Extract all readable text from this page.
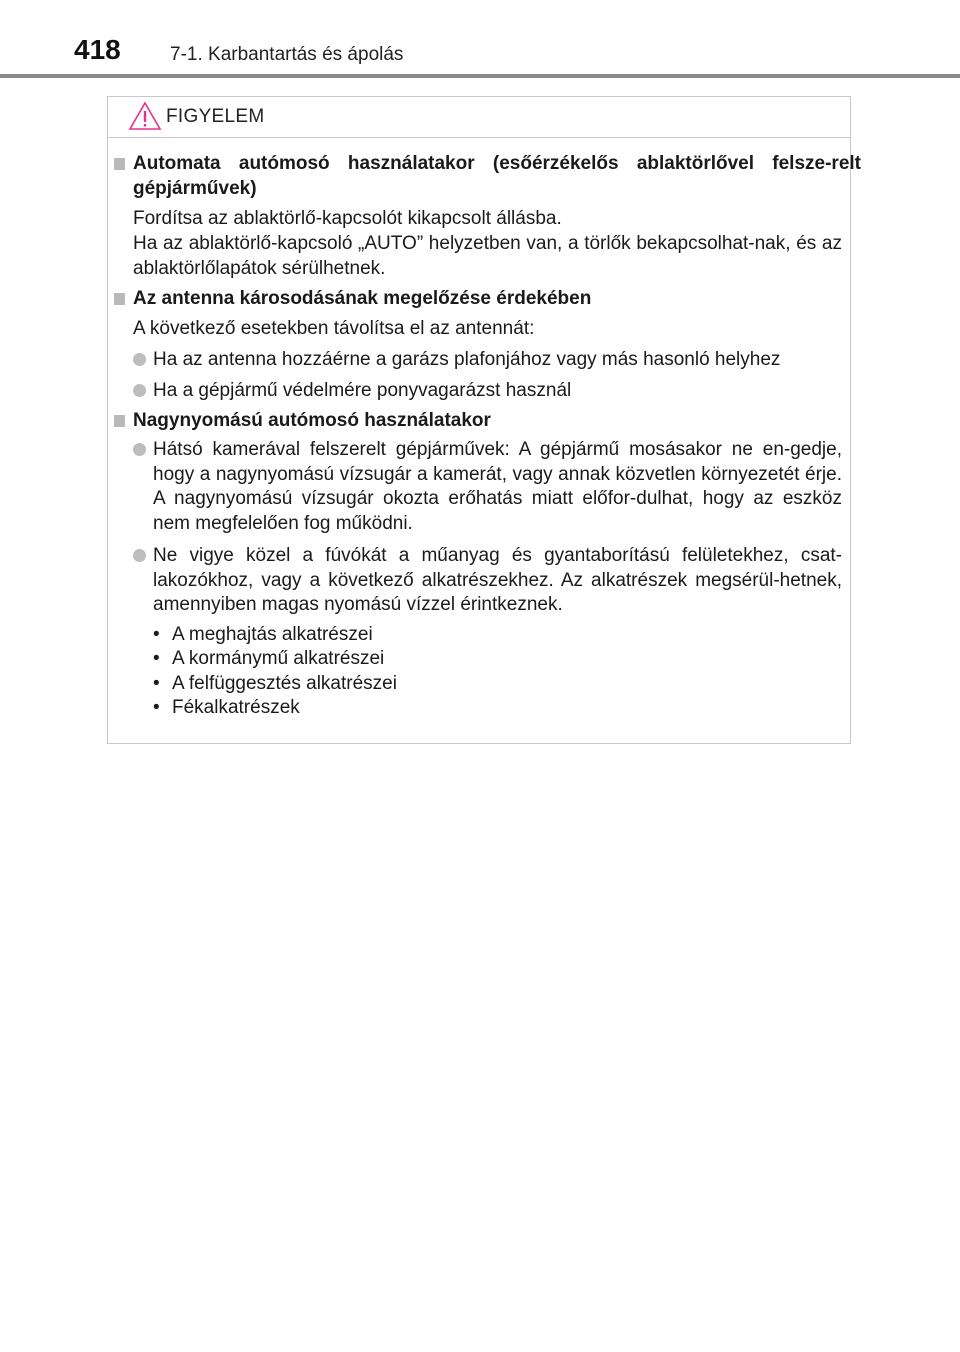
418	7-1. Karbantartás és ápolás
FIGYELEM
Automata autómosó használatakor (esőérzékelős ablaktörlővel felsze-relt gépjárművek)
Fordítsa az ablaktörlő-kapcsolót kikapcsolt állásba.
Ha az ablaktörlő-kapcsoló „AUTO” helyzetben van, a törlők bekapcsolhat-nak, és az ablaktörlőlapátok sérülhetnek.
Az antenna károsodásának megelőzése érdekében
A következő esetekben távolítsa el az antennát:
Ha az antenna hozzáérne a garázs plafonjához vagy más hasonló helyhez
Ha a gépjármű védelmére ponyvagarázst használ
Nagynyomású autómosó használatakor
Hátsó kamerával felszerelt gépjárművek: A gépjármű mosásakor ne en-gedje, hogy a nagynyomású vízsugár a kamerát, vagy annak közvetlen környezetét érje. A nagynyomású vízsugár okozta erőhatás miatt előfor-dulhat, hogy az eszköz nem megfelelően fog működni.
Ne vigye közel a fúvókát a műanyag és gyantaborítású felületekhez, csat-lakozókhoz, vagy a következő alkatrészekhez. Az alkatrészek megsérül-hetnek, amennyiben magas nyomású vízzel érintkeznek.
• A meghajtás alkatrészei
• A kormánymű alkatrészei
• A felfüggesztés alkatrészei
• Fékalkatrészek
